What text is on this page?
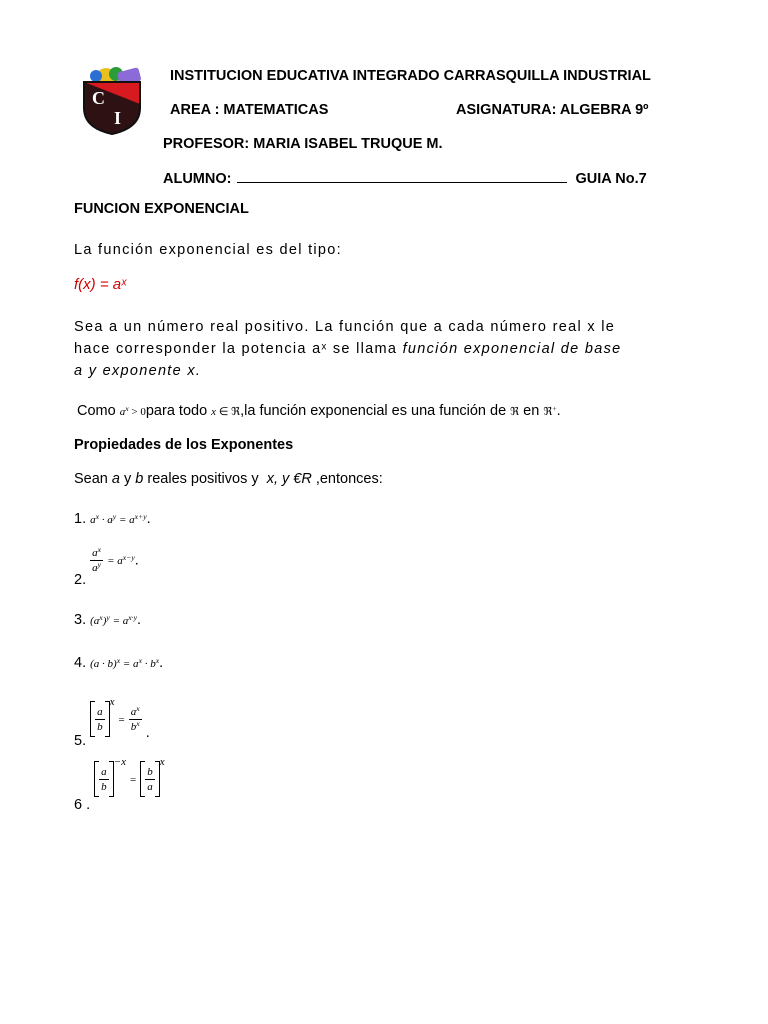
C
I
INSTITUCION EDUCATIVA INTEGRADO CARRASQUILLA INDUSTRIAL
AREA : MATEMATICAS	ASIGNATURA: ALGEBRA 9º
PROFESOR: MARIA ISABEL TRUQUE M.
ALUMNO:	GUIA No.7
FUNCION EXPONENCIAL
La función exponencial es del tipo:
f(x) = aˣ
Sea a un número real positivo. La función que a cada número real x le
hace corresponder la potencia aˣ se llama función exponencial de base
a y exponente x.
Como $a^x$ > 0para todo x ∈ ℜ,la función exponencial es una función de ℜ en ℜ+.
Propiedades de los Exponentes
Sean a y b reales positivos y  x, y €R ,entonces:
1. $a^x \cdot a^y = a^{x+y}$.
2.
$\frac{a^x}{a^y} = a^{x-y}$.
3. $(a^x)^y = a^{x\cdot y}$.
4. $(a \cdot b)^x = a^x \cdot b^x$.
5.
$\frac{a}{b}$
$^x = \frac{a^x}{b^x}$ .
6 .
$\frac{a}{b}$
$^{-x} = \frac{b}{a}$
$^x$
